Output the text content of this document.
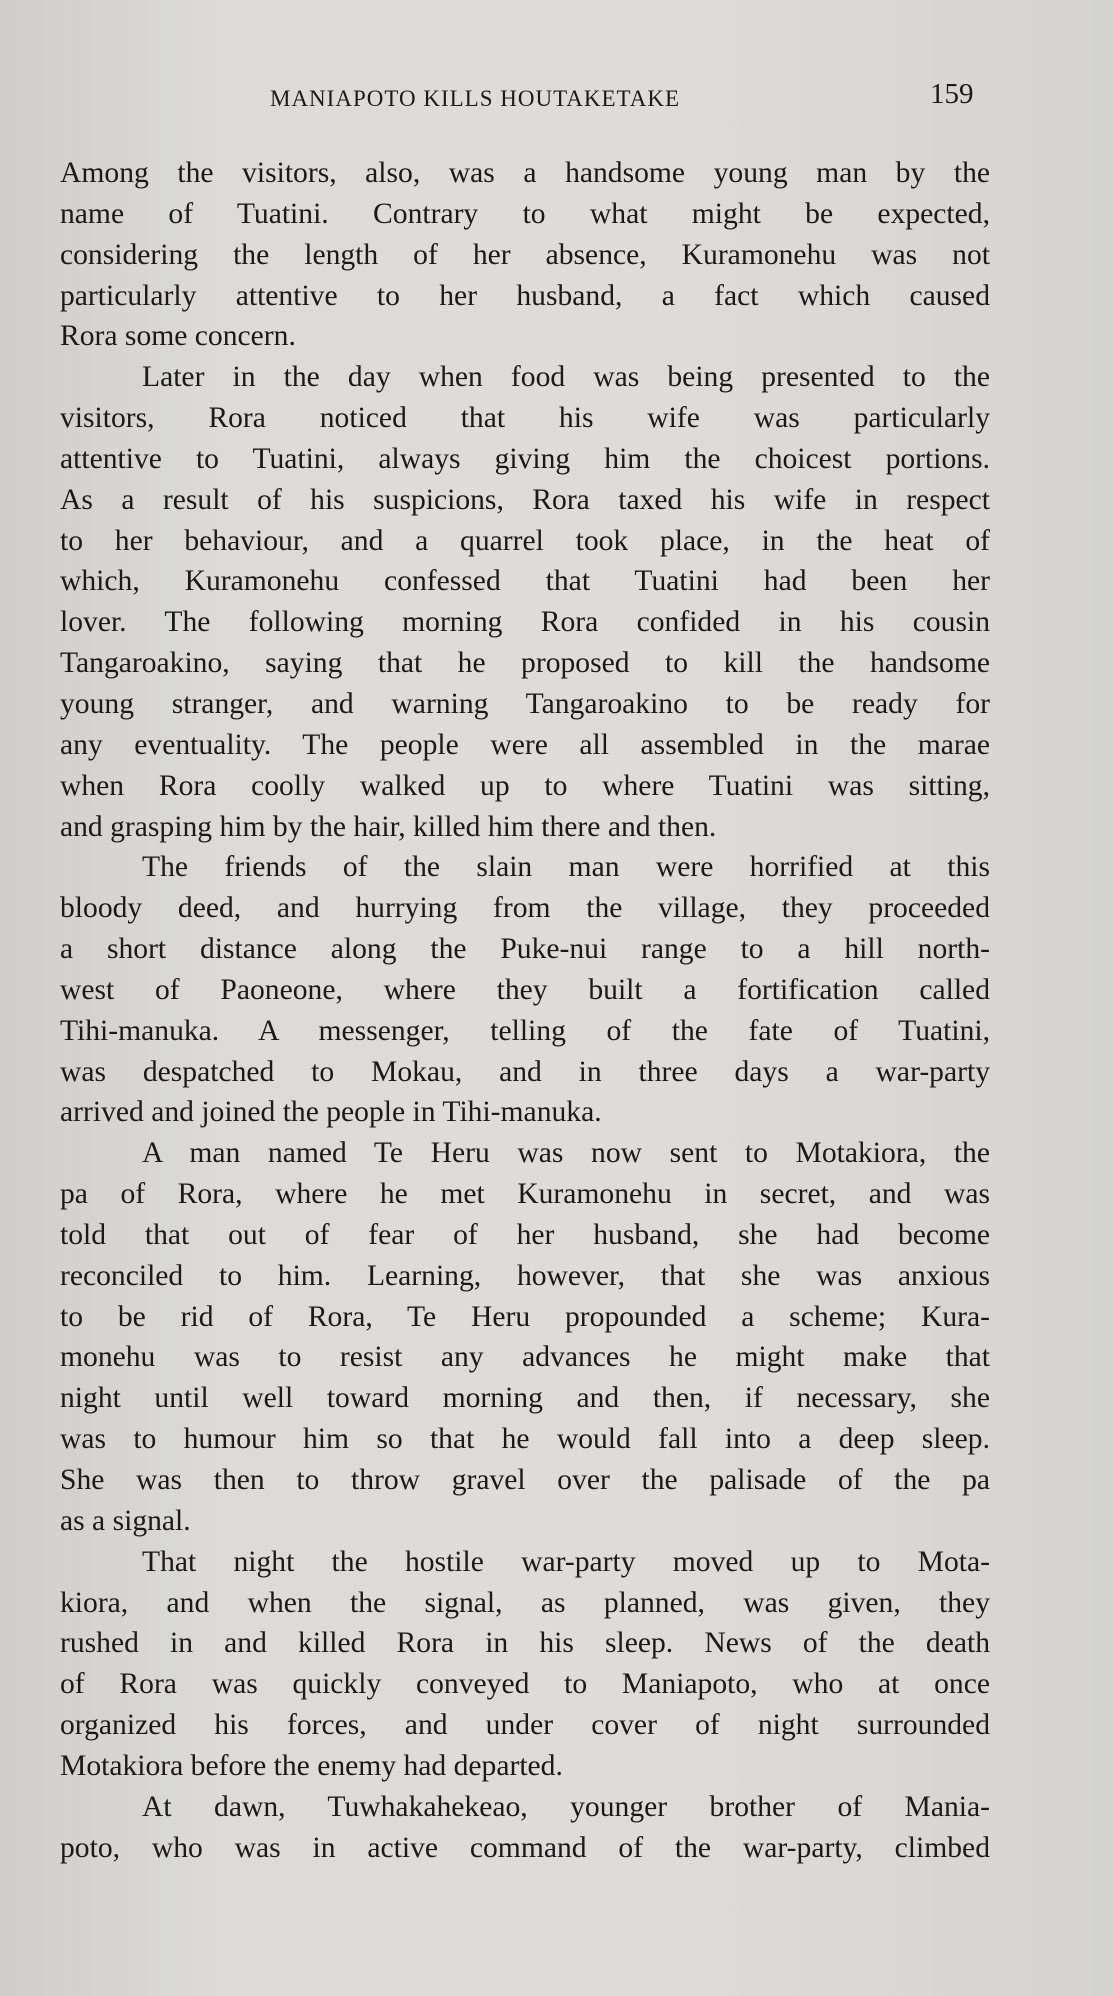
MANIAPOTO KILLS HOUTAKETAKE	159
Among the visitors, also, was a handsome young man by the
name of Tuatini. Contrary to what might be expected,
considering the length of her absence, Kuramonehu was not
particularly attentive to her husband, a fact which caused
Rora some concern.
Later in the day when food was being presented to the
visitors, Rora noticed that his wife was particularly
attentive to Tuatini, always giving him the choicest portions.
As a result of his suspicions, Rora taxed his wife in respect
to her behaviour, and a quarrel took place, in the heat of
which, Kuramonehu confessed that Tuatini had been her
lover. The following morning Rora confided in his cousin
Tangaroakino, saying that he proposed to kill the handsome
young stranger, and warning Tangaroakino to be ready for
any eventuality. The people were all assembled in the marae
when Rora coolly walked up to where Tuatini was sitting,
and grasping him by the hair, killed him there and then.
The friends of the slain man were horrified at this
bloody deed, and hurrying from the village, they proceeded
a short distance along the Puke-nui range to a hill north-
west of Paoneone, where they built a fortification called
Tihi-manuka. A messenger, telling of the fate of Tuatini,
was despatched to Mokau, and in three days a war-party
arrived and joined the people in Tihi-manuka.
A man named Te Heru was now sent to Motakiora, the
pa of Rora, where he met Kuramonehu in secret, and was
told that out of fear of her husband, she had become
reconciled to him. Learning, however, that she was anxious
to be rid of Rora, Te Heru propounded a scheme; Kura-
monehu was to resist any advances he might make that
night until well toward morning and then, if necessary, she
was to humour him so that he would fall into a deep sleep.
She was then to throw gravel over the palisade of the pa
as a signal.
That night the hostile war-party moved up to Mota-
kiora, and when the signal, as planned, was given, they
rushed in and killed Rora in his sleep. News of the death
of Rora was quickly conveyed to Maniapoto, who at once
organized his forces, and under cover of night surrounded
Motakiora before the enemy had departed.
At dawn, Tuwhakahekeao, younger brother of Mania-
poto, who was in active command of the war-party, climbed
